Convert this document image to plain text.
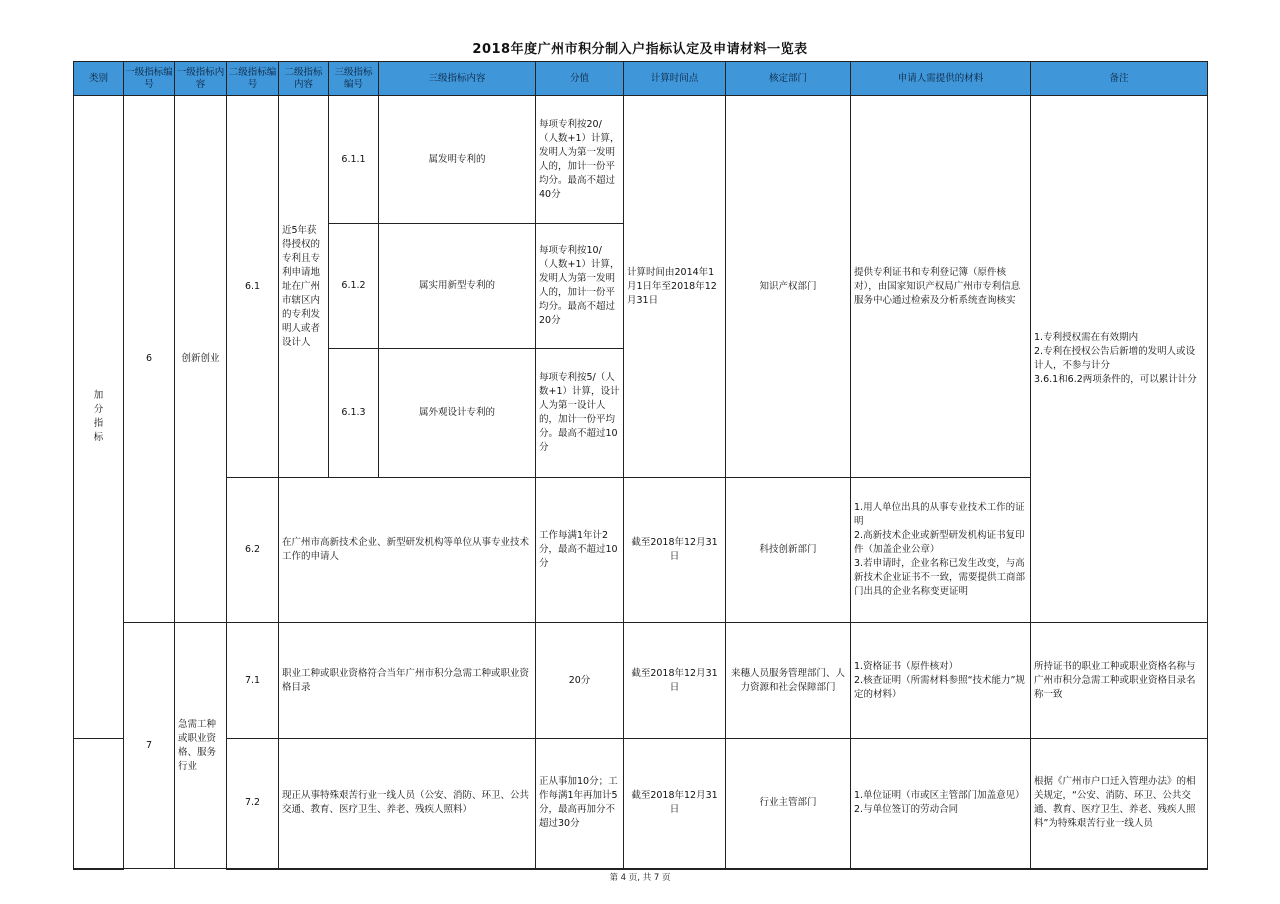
2018年度广州市积分制入户指标认定及申请材料一览表
类别	一级指标编号	一级指标内容	二级指标编号	二级指标内容	三级指标编号	三级指标内容	分值	计算时间点	核定部门	申请人需提供的材料	备注

加分指标	6	创新创业	6.1	近5年获得授权的专利且专利申请地址在广州市辖区内的专利发明人或者设计人	6.1.1	属发明专利的	每项专利按20/（人数+1）计算，发明人为第一发明人的，加计一份平均分。最高不超过40分	计算时间由2014年1月1日年至2018年12月31日	知识产权部门	提供专利证书和专利登记簿（原件核对），由国家知识产权局广州市专利信息服务中心通过检索及分析系统查询核实	1.专利授权需在有效期内
2.专利在授权公告后新增的发明人或设计人，不参与计分
3.6.1和6.2两项条件的，可以累计计分
					6.1.2	属实用新型专利的	每项专利按10/（人数+1）计算，发明人为第一发明人的，加计一份平均分。最高不超过20分				
					6.1.3	属外观设计专利的	每项专利按5/（人数+1）计算，设计人为第一设计人的，加计一份平均分。最高不超过10分				
			6.2	在广州市高新技术企业、新型研发机构等单位从事专业技术工作的申请人			工作每满1年计2分，最高不超过10分	截至2018年12月31日	科技创新部门	1.用人单位出具的从事专业技术工作的证明
2.高新技术企业或新型研发机构证书复印件（加盖企业公章）
3.若申请时，企业名称已发生改变，与高新技术企业证书不一致，需要提供工商部门出具的企业名称变更证明	
	7	急需工种或职业资格、服务行业	7.1	职业工种或职业资格符合当年广州市积分急需工种或职业资格目录			20分	截至2018年12月31日	来穗人员服务管理部门、人力资源和社会保障部门	1.资格证书（原件核对）
2.核查证明（所需材料参照“技术能力”规定的材料）	所持证书的职业工种或职业资格名称与广州市积分急需工种或职业资格目录名称一致
			7.2	现正从事特殊艰苦行业一线人员（公安、消防、环卫、公共交通、教育、医疗卫生、养老、残疾人照料）			正从事加10分；工作每满1年再加计5分，最高再加分不超过30分	截至2018年12月31日	行业主管部门	1.单位证明（市或区主管部门加盖意见）
2.与单位签订的劳动合同	根据《广州市户口迁入管理办法》的相关规定，“公安、消防、环卫、公共交通、教育、医疗卫生、养老、残疾人照料”为特殊艰苦行业一线人员
第 4 页, 共 7 页
